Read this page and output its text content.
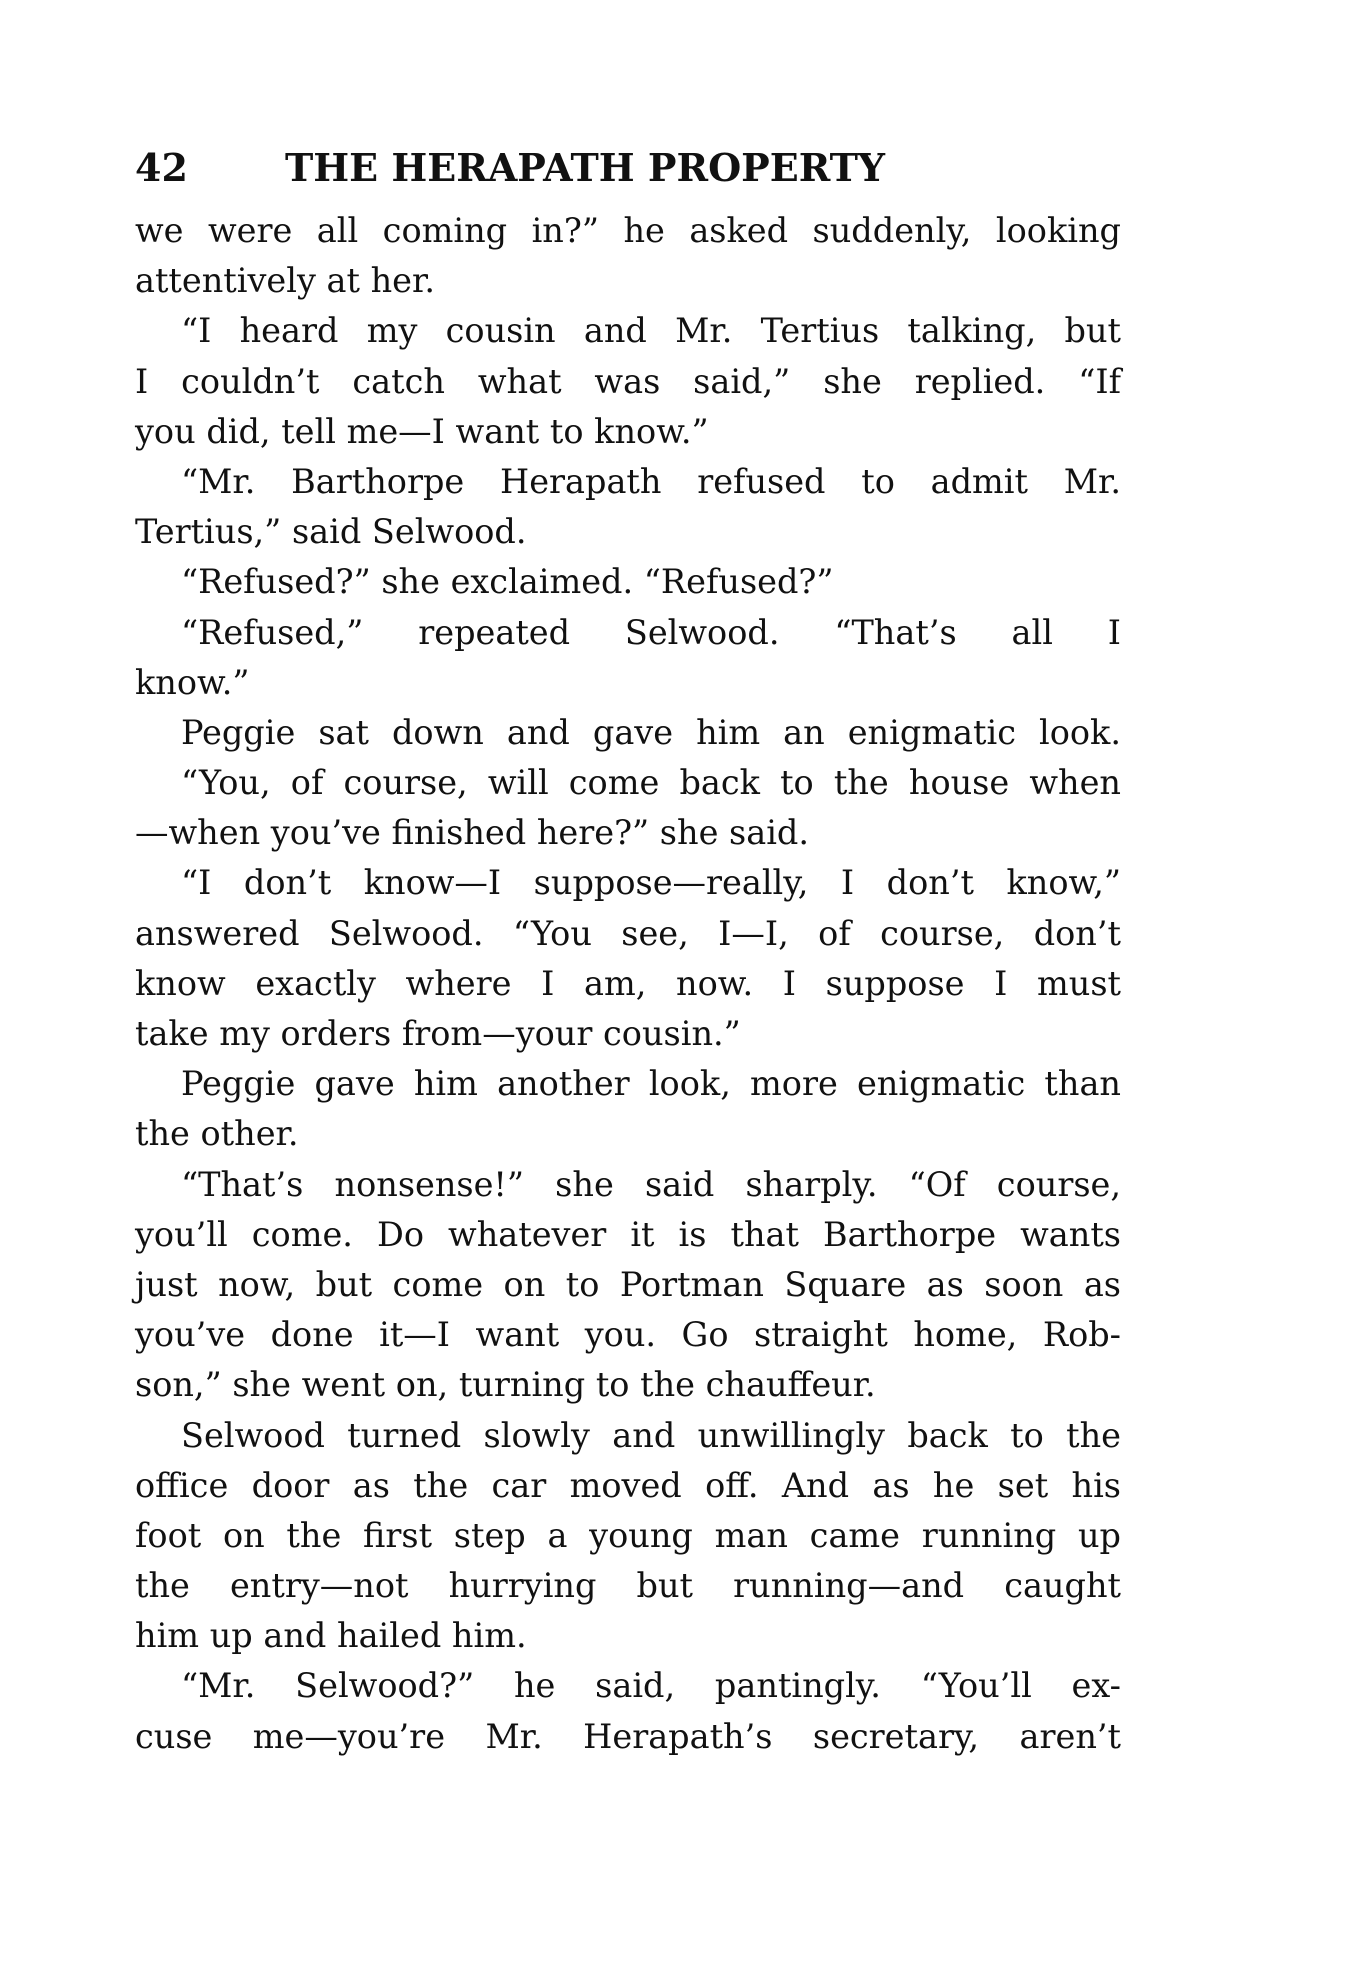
42	THE HERAPATH PROPERTY
we were all coming in?” he asked suddenly, looking
attentively at her.
“I heard my cousin and Mr. Tertius talking, but
I couldn’t catch what was said,” she replied. “If
you did, tell me—I want to know.”
“Mr. Barthorpe Herapath refused to admit Mr.
Tertius,” said Selwood.
“Refused?” she exclaimed. “Refused?”
“Refused,” repeated Selwood. “That’s all I
know.”
Peggie sat down and gave him an enigmatic look.
“You, of course, will come back to the house when
—when you’ve finished here?” she said.
“I don’t know—I suppose—really, I don’t know,”
answered Selwood. “You see, I—I, of course, don’t
know exactly where I am, now. I suppose I must
take my orders from—your cousin.”
Peggie gave him another look, more enigmatic than
the other.
“That’s nonsense!” she said sharply. “Of course,
you’ll come. Do whatever it is that Barthorpe wants
just now, but come on to Portman Square as soon as
you’ve done it—I want you. Go straight home, Rob-
son,” she went on, turning to the chauffeur.
Selwood turned slowly and unwillingly back to the
office door as the car moved off. And as he set his
foot on the first step a young man came running up
the entry—not hurrying but running—and caught
him up and hailed him.
“Mr. Selwood?” he said, pantingly. “You’ll ex-
cuse me—you’re Mr. Herapath’s secretary, aren’t
